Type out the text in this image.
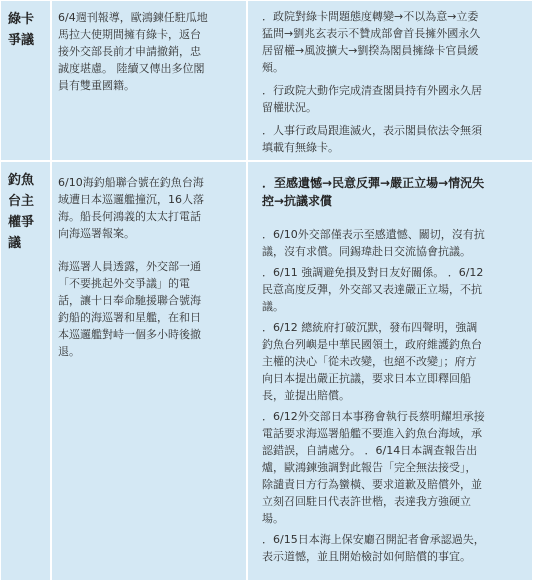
綠卡
爭議
6/4週刊報導，歐鴻鍊任駐瓜地
馬拉大使期間擁有綠卡，返台
接外交部長前才申請撤銷，忠
誠度堪慮。 陸續又傳出多位閣
員有雙重國籍。
．政院對綠卡問題態度轉變→不以為意→立委
猛問→劉兆玄表示不贊成部會首長擁外國永久
居留權→風波擴大→劉揆為閣員擁綠卡官員緩
頰。
．行政院大動作完成清查閣員持有外國永久居
留權狀況。
．人事行政局跟進滅火，表示閣員依法令無須
填載有無綠卡。
釣魚
台主
權爭
議
6/10海釣船聯合號在釣魚台海
域遭日本巡邏艦撞沉，16人落
海。船長何鴻義的太太打電話
向海巡署報案。
海巡署人員透露，外交部一通
「不要挑起外交爭議」的電
話，讓十日奉命馳援聯合號海
釣船的海巡署和星艦，在和日
本巡邏艦對峙一個多小時後撤
退。
．至感遺憾→民意反彈→嚴正立場→情況失
控→抗議求償
．6/10外交部僅表示至感遺憾、關切，沒有抗
議，沒有求償。同錫瑋赴日交流協會抗議。
．6/11 強調避免損及對日友好關係。 ．6/12
民意高度反彈，外交部又表達嚴正立場，不抗
議。
．6/12 總統府打破沉默，發布四聲明，強調
釣魚台列嶼是中華民國領土，政府維護釣魚台
主權的決心「從未改變，也絕不改變」；府方
向日本提出嚴正抗議，要求日本立即釋回船
長，並提出賠償。
．6/12外交部日本事務會執行長蔡明耀坦承接
電話要求海巡署船艦不要進入釣魚台海域，承
認錯誤，自請處分。 ．6/14日本調查報告出
爐，歐鴻鍊強調對此報告「完全無法接受」，
除譴責日方行為蠻橫、要求道歉及賠償外，並
立刻召回駐日代表許世楷，表達我方強硬立
場。
．6/15日本海上保安廳召開記者會承認過失，
表示道憾，並且開始檢討如何賠償的事宜。
